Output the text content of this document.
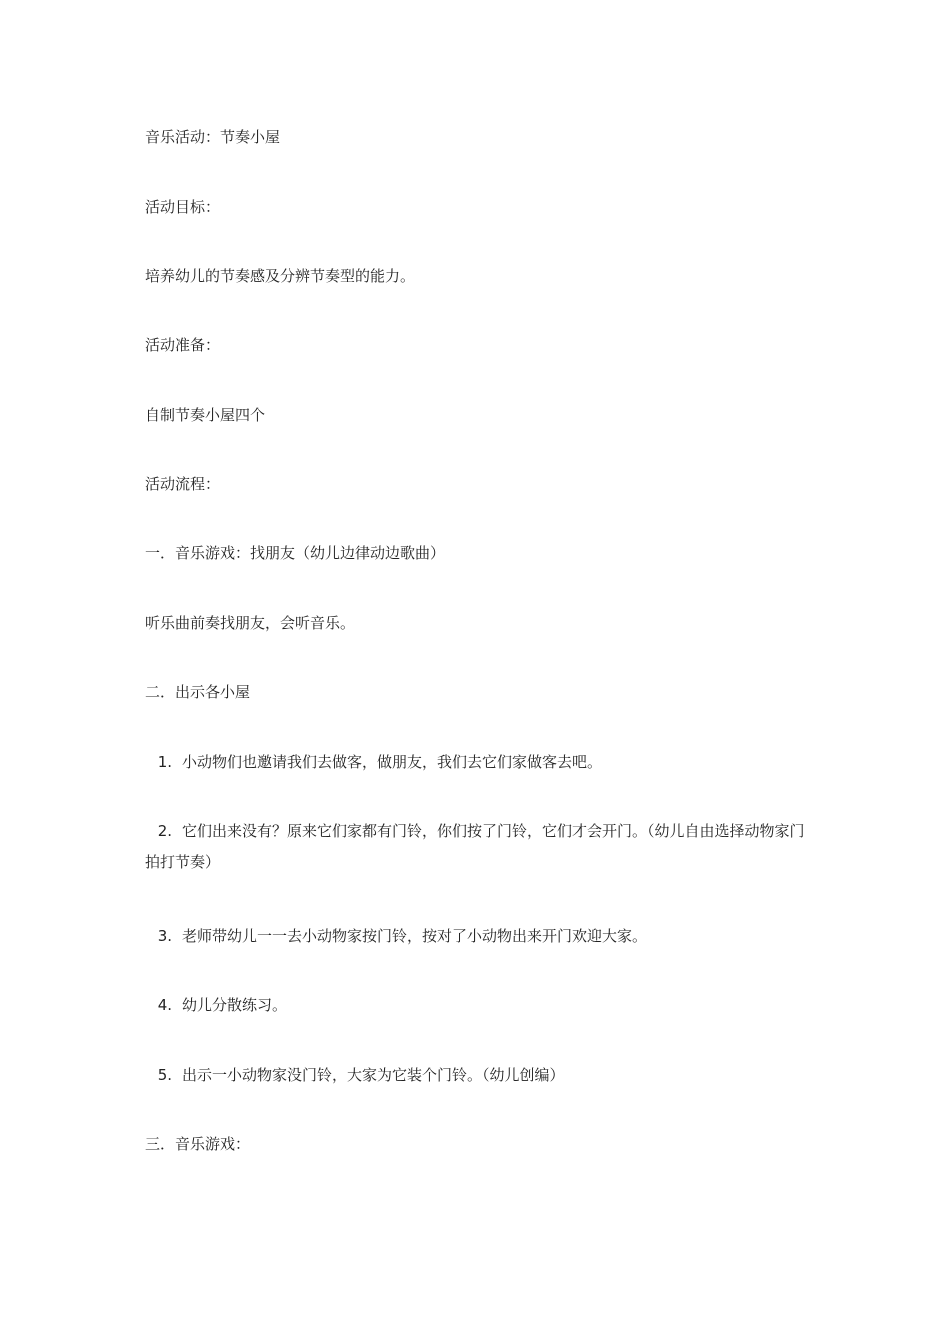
音乐活动：节奏小屋

活动目标：

培养幼儿的节奏感及分辨节奏型的能力。

活动准备：

自制节奏小屋四个

活动流程：

一．音乐游戏：找朋友（幼儿边律动边歌曲）

听乐曲前奏找朋友，会听音乐。

二．出示各小屋

1. 小动物们也邀请我们去做客，做朋友，我们去它们家做客去吧。

2. 它们出来没有？原来它们家都有门铃，你们按了门铃，它们才会开门。（幼儿自由选择动物家门拍打节奏）

3. 老师带幼儿一一去小动物家按门铃，按对了小动物出来开门欢迎大家。

4. 幼儿分散练习。

5. 出示一小动物家没门铃，大家为它装个门铃。（幼儿创编）

三．音乐游戏：
